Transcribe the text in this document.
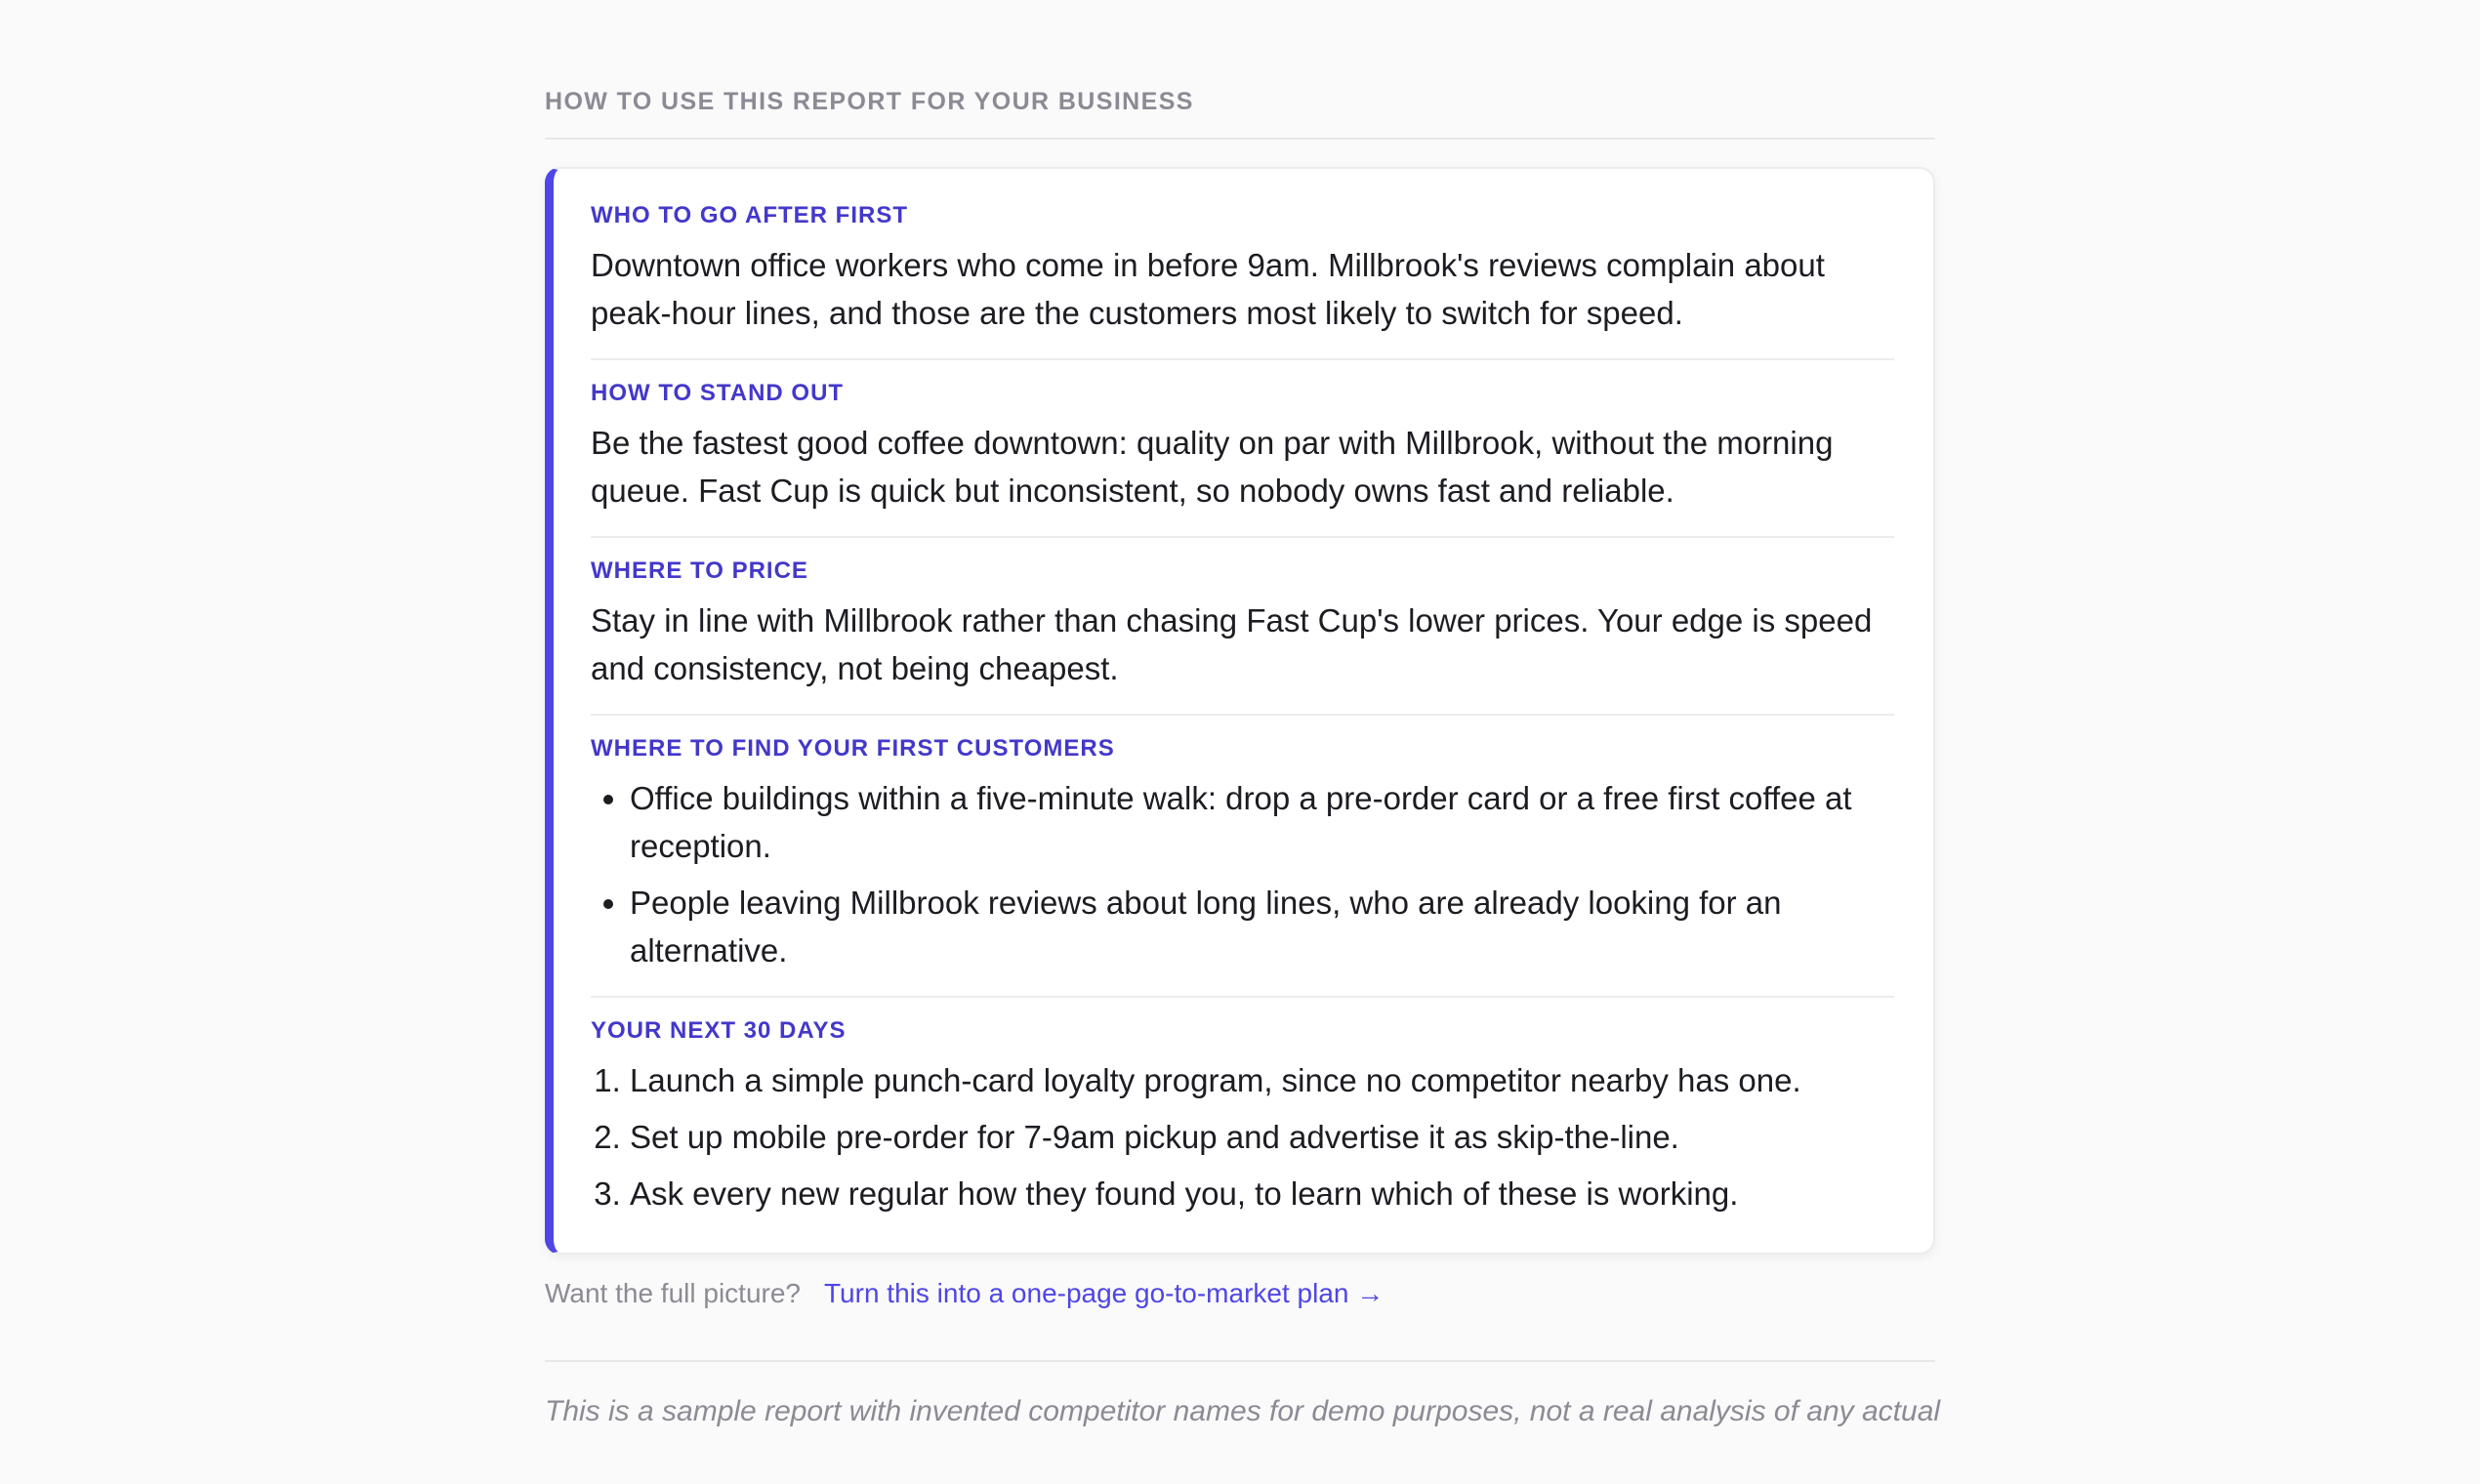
HOW TO USE THIS REPORT FOR YOUR BUSINESS
WHO TO GO AFTER FIRST

Downtown office workers who come in before 9am. Millbrook's reviews complain about peak-hour lines, and those are the customers most likely to switch for speed.

HOW TO STAND OUT

Be the fastest good coffee downtown: quality on par with Millbrook, without the morning queue. Fast Cup is quick but inconsistent, so nobody owns fast and reliable.

WHERE TO PRICE

Stay in line with Millbrook rather than chasing Fast Cup's lower prices. Your edge is speed and consistency, not being cheapest.

WHERE TO FIND YOUR FIRST CUSTOMERS
• Office buildings within a five-minute walk: drop a pre-order card or a free first coffee at reception.
• People leaving Millbrook reviews about long lines, who are already looking for an alternative.
YOUR NEXT 30 DAYS
1. Launch a simple punch-card loyalty program, since no competitor nearby has one.
2. Set up mobile pre-order for 7-9am pickup and advertise it as skip-the-line.
3. Ask every new regular how they found you, to learn which of these is working.
Want the full picture? Turn this into a one-page go-to-market plan →
This is a sample report with invented competitor names for demo purposes, not a real analysis of any actual
